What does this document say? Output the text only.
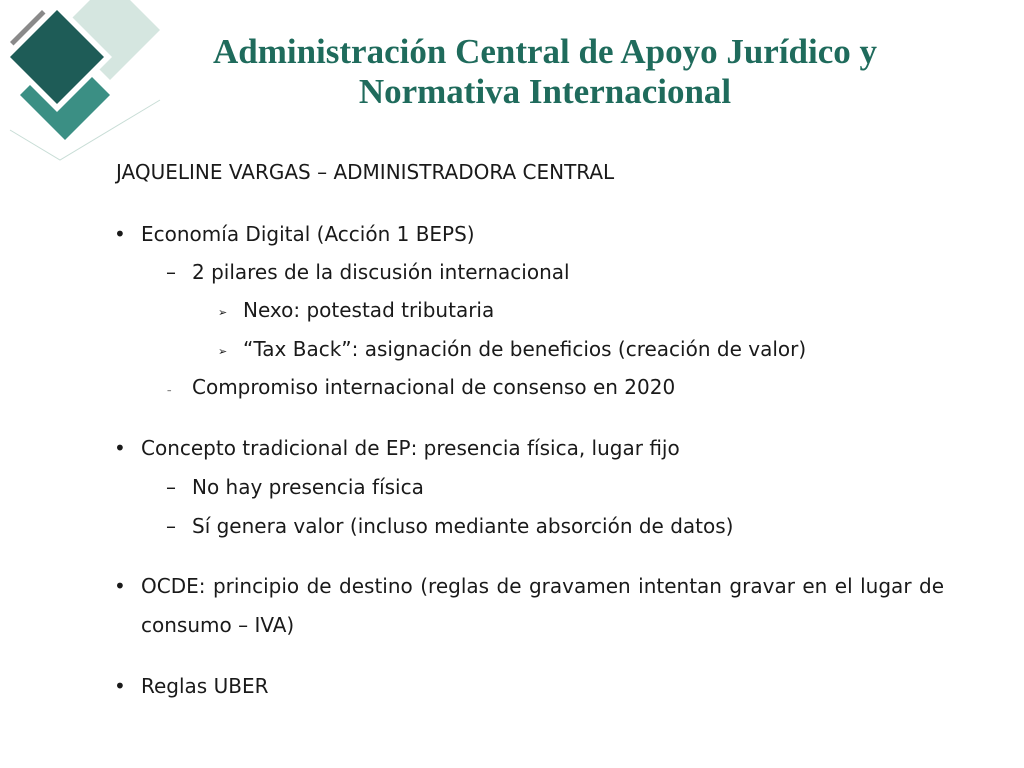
Administración Central de Apoyo Jurídico y
Normativa Internacional
JAQUELINE VARGAS – ADMINISTRADORA CENTRAL
• Economía Digital (Acción 1 BEPS)
– 2 pilares de la discusión internacional
➢ Nexo: potestad tributaria
➢ “Tax Back”: asignación de beneficios (creación de valor)
– Compromiso internacional de consenso en 2020
• Concepto tradicional de EP: presencia física, lugar fijo
– No hay presencia física
– Sí genera valor (incluso mediante absorción de datos)
• OCDE: principio de destino (reglas de gravamen intentan gravar en el lugar de consumo – IVA)
• Reglas UBER
